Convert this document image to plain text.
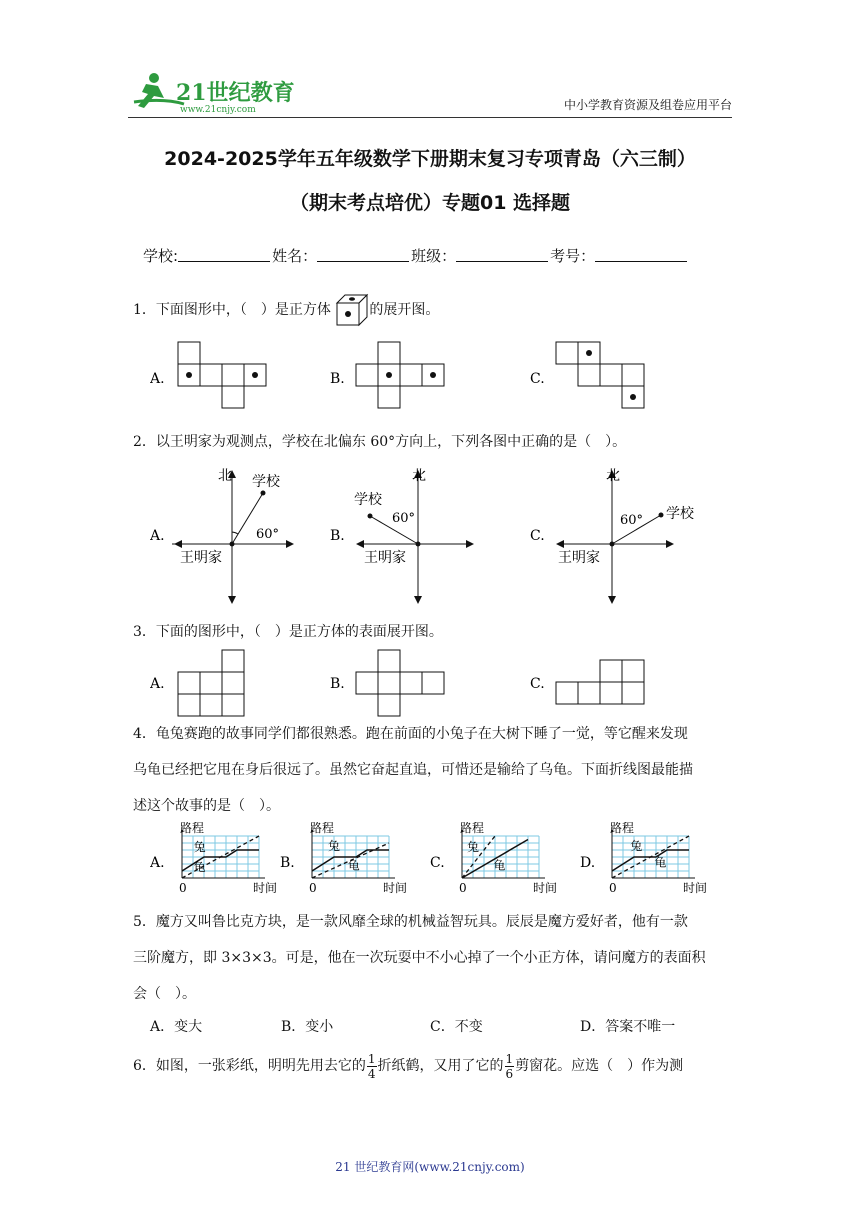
21世纪教育
www.21cnjy.com	中小学教育资源及组卷应用平台
2024-2025学年五年级数学下册期末复习专项青岛（六三制）
（期末考点培优）专题01 选择题
学校:	姓名：	班级：	考号：
1．下面图形中，（　）是正方体	的展开图。
A.	B.	C.
2．以王明家为观测点，学校在北偏东 60°方向上，下列各图中正确的是（　）。
A.
北 学校
60°
王明家
B.
北
学校
60°
王明家
C.
北
学校
60°
王明家
3．下面的图形中，（　）是正方体的表面展开图。
A.	B.	C.
4．龟兔赛跑的故事同学们都很熟悉。跑在前面的小兔子在大树下睡了一觉，等它醒来发现
乌龟已经把它甩在身后很远了。虽然它奋起直追，可惜还是输给了乌龟。下面折线图最能描
述这个故事的是（　）。
A.
路程
时间
0
兔
龟	B.
路程
时间
0
兔
龟	C.
路程
时间
0
兔
龟	D.
路程
时间
0
兔
龟
5．魔方又叫鲁比克方块，是一款风靡全球的机械益智玩具。辰辰是魔方爱好者，他有一款
三阶魔方，即 3×3×3。可是，他在一次玩耍中不小心掉了一个小正方体，请问魔方的表面积
会（　）。
A．变大	B．变小	C．不变	D．答案不唯一
6．如图，一张彩纸，明明先用去它的 $\frac{1}{4}$ 折纸鹤，又用了它的 $\frac{1}{6}$ 剪窗花。应选（　）作为测
21 世纪教育网(www.21cnjy.com)
